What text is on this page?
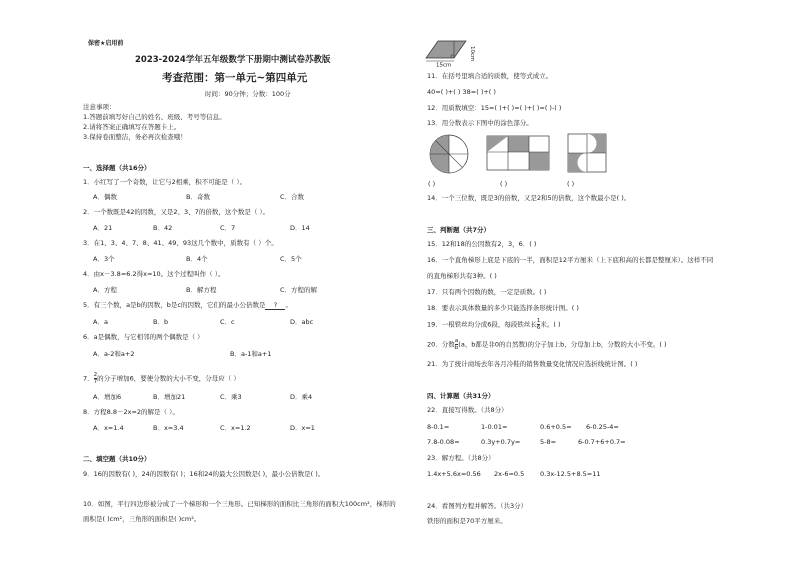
保密★启用前
2023-2024学年五年级数学下册期中测试卷苏教版
考查范围：第一单元~第四单元
时间：90分钟；分数：100分
注意事项：
1.答题前填写好自己的姓名、班级、考号等信息。
2.请将答案正确填写在答题卡上。
3.保持卷面整洁，务必再次检查哦！
一、选择题（共16分）
1．小红写了一个奇数，让它与2相乘，积不可能是（ ）。
A．偶数	B．奇数	C．合数
2．一个数既是42的因数，又是2、3、7的倍数，这个数是（ ）。
A．21	B．42	C．7	D．14
3．在1、3、4、7、8、41、49、93这几个数中，质数有（ ）个。
A．3个	B．4个	C．5个
4．由x－3.8=6.2得x=10。这个过程叫作（ ）。
A．方程	B．解方程	C．方程的解
5．有三个数，a是b的因数，b是c的因数，它们的最小公倍数是 ? 。
A．a	B．b	C．c	D．abc
6．a是偶数，与它相邻的两个偶数是（ ）
A．a-2和a+2	B．a-1和a+1
7． $\frac{2}{7}$ 的分子增加6，要使分数的大小不变，分母应（ ）
A．增加6	B．增加21	C．乘3	D．乘4
8．方程8.8－2x=2的解是（ ）。
A．x=1.4	B．x=3.4	C．x=1.2	D．x=1
二、填空题（共10分）
9．16的因数有( )，24的因数有( )；16和24的最大公因数是( )，最小公倍数是( )。
10．如图，平行四边形被分成了一个梯形和一个三角形。已知梯形的面积比三角形的面积大100cm²，梯形的
面积是( )cm²，三角形的面积是( )cm²。
15cm
10cm
11．在括号里填合适的质数，使等式成立。
40=( )+( ) 38=( )+( )
12．用质数填空：15=( )+( )=( )+( )=( )-( )
13．用分数表示下图中的涂色部分。
( )	( )	( )
14．一个三位数，既是3的倍数，又是2和5的倍数，这个数最小是( )。
三、判断题（共7分）
15．12和18的公因数有2，3，6．( )
16．一个直角梯形上底是下底的一半，面积是12平方厘米（上下底和高的长都是整厘米）。这样不同
的直角梯形共有3种。( )
17．只有两个因数的数，一定是质数。( )
18．要表示具体数量的多少只能选择条形统计图。( )
19．一根铁丝均分成6段，每段铁丝长 $\frac{1}{6}$ 米。( )
20．分数 $\frac{a}{b} (a$、b都是非0的自然数)的分子加上b，分母加上b，分数的大小不变。( )
21．为了统计商场去年各月冷鞋的销售数量变化情况应选折线统计图。( )
四、计算题（共31分）
22．直接写得数。（共8分）
8-0.1=	1-0.01=	0.6+0.5= 6-0.25-4=
7.8-0.08=	0.3y+0.7y=	5-8=	6-0.7+6+0.7=
23．解方程。（共8分）
1.4x+5.6x=0.56 2x-6=0.5 0.3x-12.5+8.5=11
24．看图列方程并解答。（共3分）
铁形的面积是70平方厘米。
